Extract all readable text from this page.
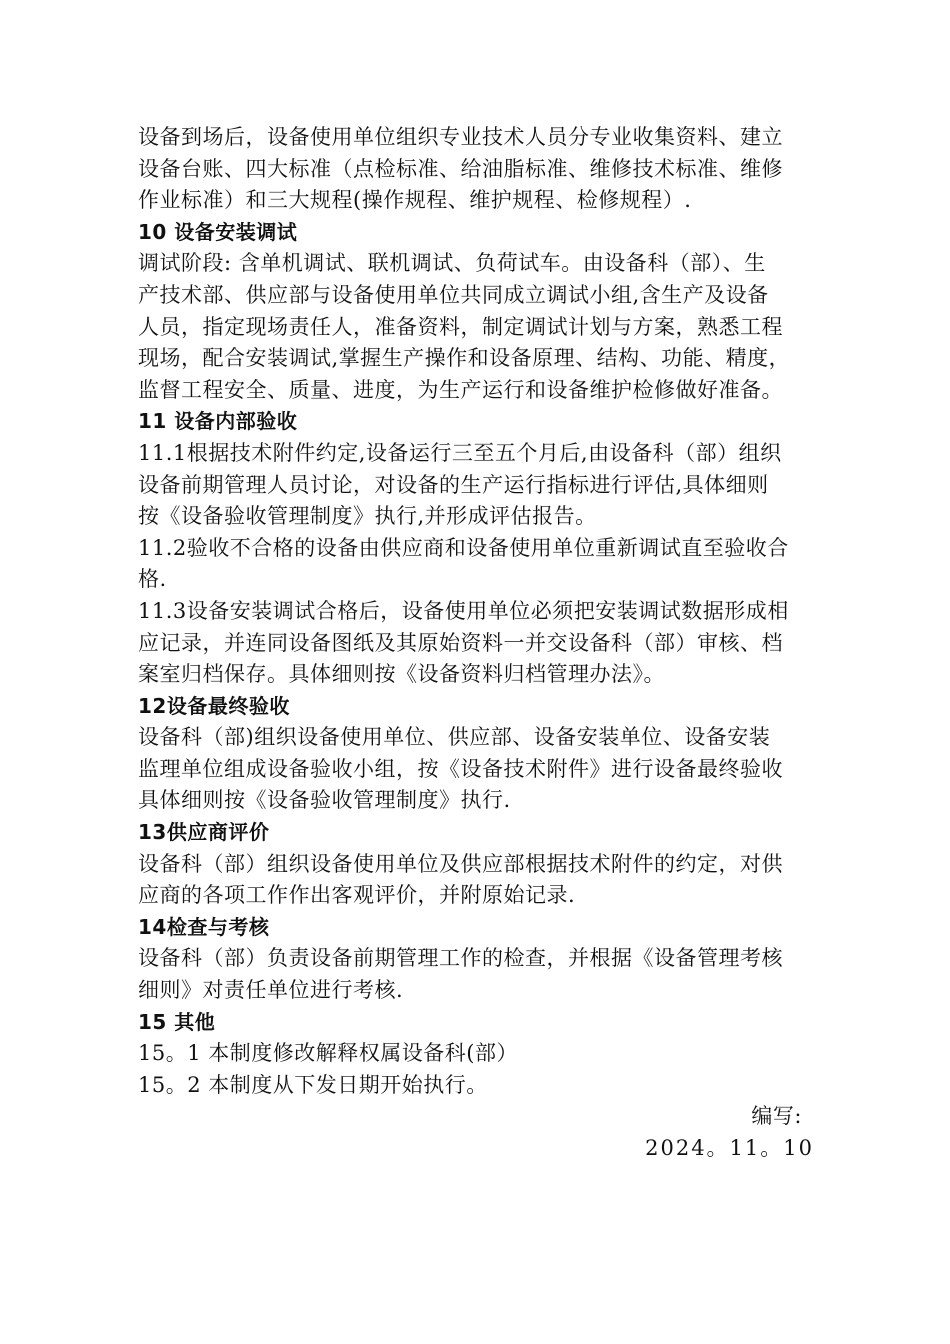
设备到场后，设备使用单位组织专业技术人员分专业收集资料、建立
设备台账、四大标准（点检标准、给油脂标准、维修技术标准、维修
作业标准）和三大规程(操作规程、维护规程、检修规程）.
10 设备安装调试
调试阶段: 含单机调试、联机调试、负荷试车。由设备科（部）、生
产技术部、供应部与设备使用单位共同成立调试小组,含生产及设备
人员，指定现场责任人，准备资料，制定调试计划与方案，熟悉工程
现场，配合安装调试,掌握生产操作和设备原理、结构、功能、精度，
监督工程安全、质量、进度，为生产运行和设备维护检修做好准备。
11 设备内部验收
11.1根据技术附件约定,设备运行三至五个月后,由设备科（部）组织
设备前期管理人员讨论，对设备的生产运行指标进行评估,具体细则
按《设备验收管理制度》执行,并形成评估报告。
11.2验收不合格的设备由供应商和设备使用单位重新调试直至验收合
格.
11.3设备安装调试合格后，设备使用单位必须把安装调试数据形成相
应记录，并连同设备图纸及其原始资料一并交设备科（部）审核、档
案室归档保存。具体细则按《设备资料归档管理办法》。
12设备最终验收
设备科（部)组织设备使用单位、供应部、设备安装单位、设备安装
监理单位组成设备验收小组，按《设备技术附件》进行设备最终验收
具体细则按《设备验收管理制度》执行.
13供应商评价
设备科（部）组织设备使用单位及供应部根据技术附件的约定，对供
应商的各项工作作出客观评价，并附原始记录.
14检查与考核
设备科（部）负责设备前期管理工作的检查，并根据《设备管理考核
细则》对责任单位进行考核.
15 其他
15。1 本制度修改解释权属设备科(部）
15。2 本制度从下发日期开始执行。
编写:
2024。11。10
